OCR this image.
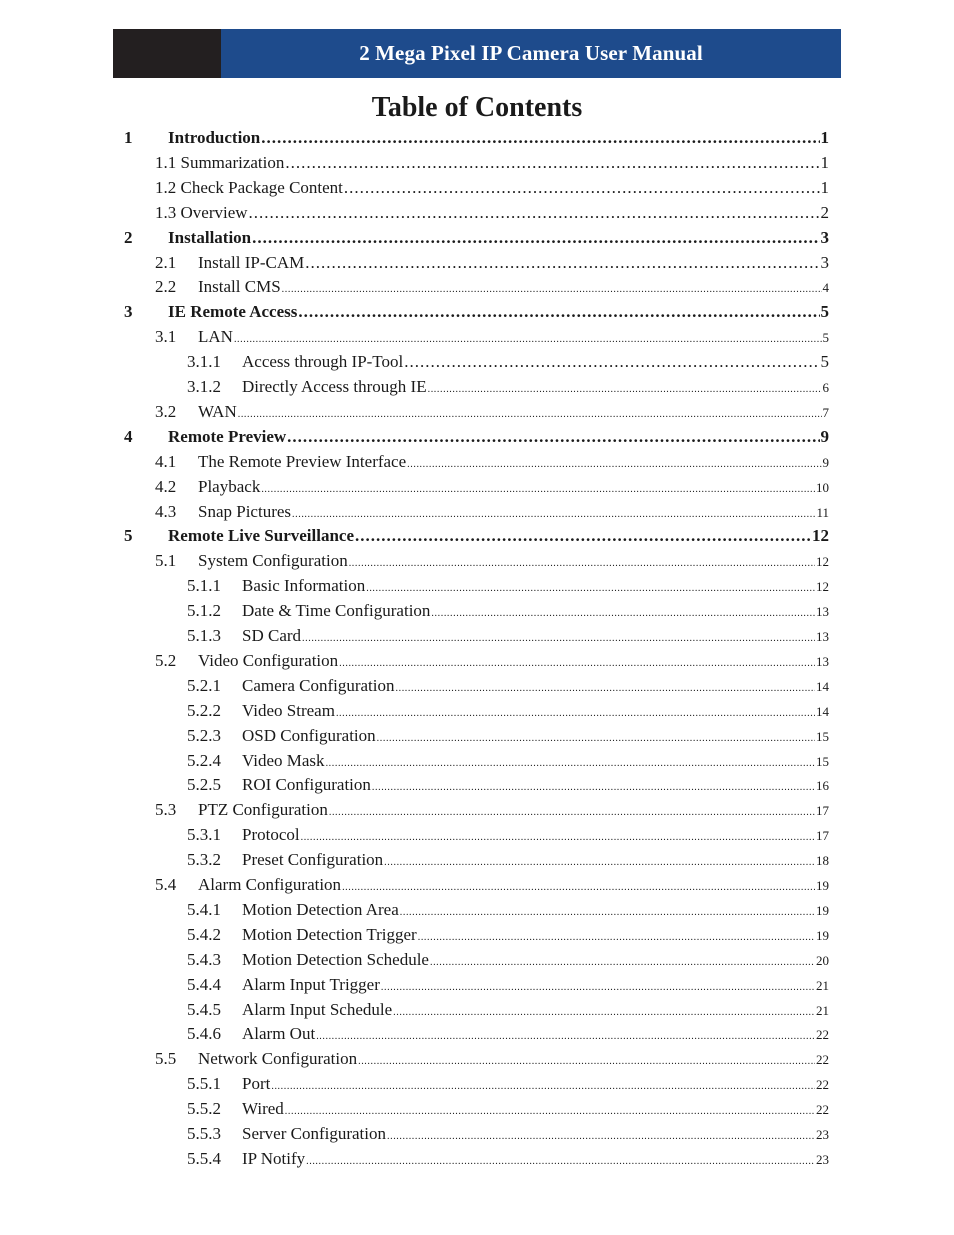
2 Mega Pixel IP Camera User Manual
Table of Contents
1	Introduction .....	1
1.1 Summarization .....	1
1.2 Check Package Content .....	1
1.3 Overview .....	2
2	Installation .....	3
2.1	Install IP-CAM .....	3
2.2	Install CMS .....	4
3	IE Remote Access .....	5
3.1	LAN .....	5
3.1.1	Access through IP-Tool .....	5
3.1.2	Directly Access through IE .....	6
3.2	WAN .....	7
4	Remote Preview .....	9
4.1	The Remote Preview Interface .....	9
4.2	Playback .....	10
4.3	Snap Pictures .....	11
5	Remote Live Surveillance .....	12
5.1	System Configuration .....	12
5.1.1	Basic Information .....	12
5.1.2	Date & Time Configuration .....	13
5.1.3	SD Card .....	13
5.2	Video Configuration .....	13
5.2.1	Camera Configuration .....	14
5.2.2	Video Stream .....	14
5.2.3	OSD Configuration .....	15
5.2.4	Video Mask .....	15
5.2.5	ROI Configuration .....	16
5.3	PTZ Configuration .....	17
5.3.1	Protocol .....	17
5.3.2	Preset Configuration .....	18
5.4	Alarm Configuration .....	19
5.4.1	Motion Detection Area .....	19
5.4.2	Motion Detection Trigger .....	19
5.4.3	Motion Detection Schedule .....	20
5.4.4	Alarm Input Trigger .....	21
5.4.5	Alarm Input Schedule .....	21
5.4.6	Alarm Out .....	22
5.5	Network Configuration .....	22
5.5.1	Port .....	22
5.5.2	Wired .....	22
5.5.3	Server Configuration .....	23
5.5.4	IP Notify .....	23
